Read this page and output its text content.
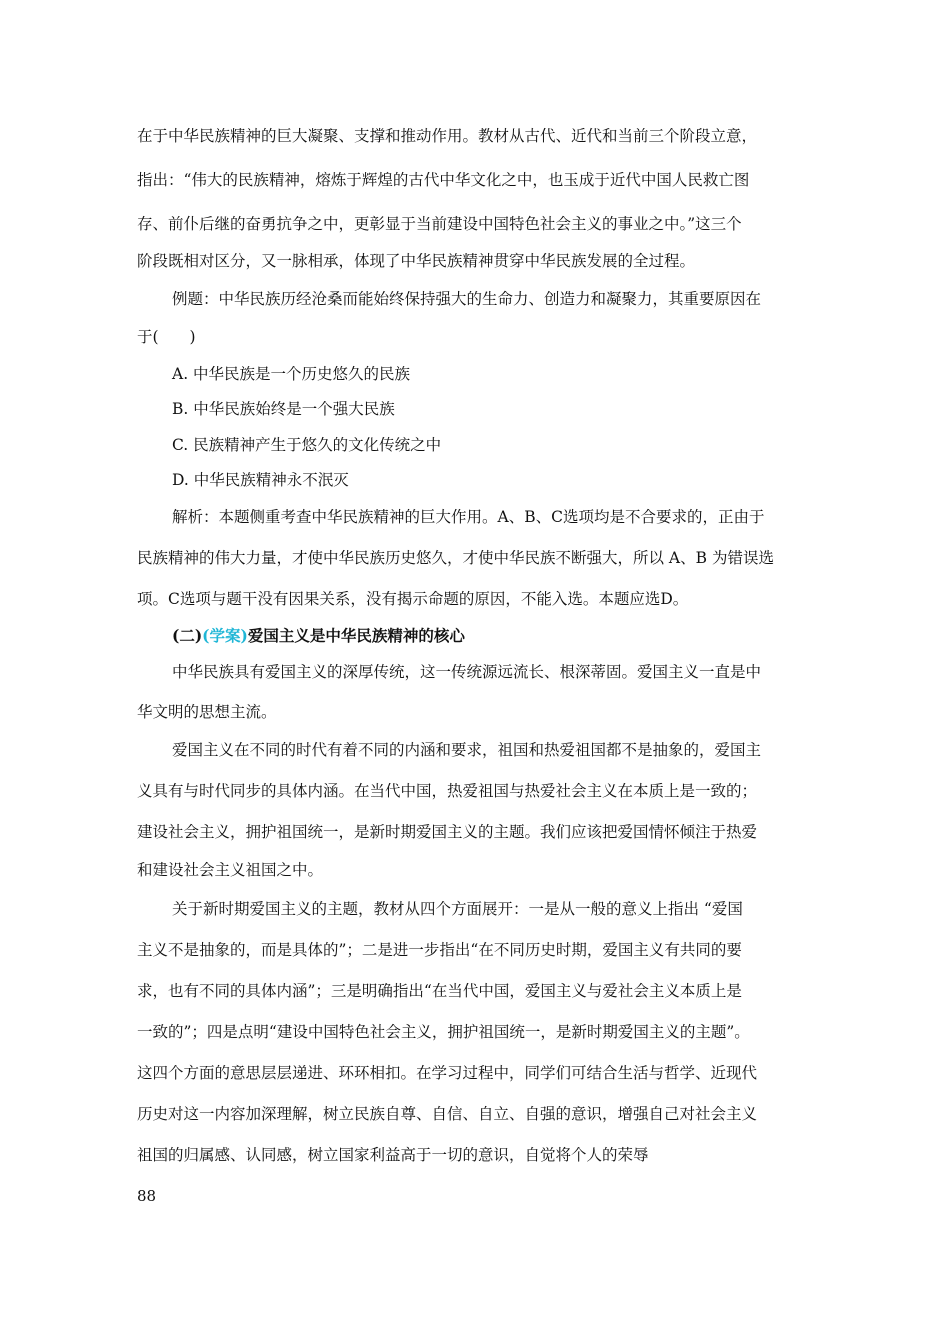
在于中华民族精神的巨大凝聚、支撑和推动作用。教材从古代、近代和当前三个阶段立意，
指出：“伟大的民族精神，熔炼于辉煌的古代中华文化之中，也玉成于近代中国人民救亡图
存、前仆后继的奋勇抗争之中，更彰显于当前建设中国特色社会主义的事业之中。”这三个
阶段既相对区分，又一脉相承，体现了中华民族精神贯穿中华民族发展的全过程。
例题：中华民族历经沧桑而能始终保持强大的生命力、创造力和凝聚力，其重要原因在
于(　　)
A. 中华民族是一个历史悠久的民族
B. 中华民族始终是一个强大民族
C. 民族精神产生于悠久的文化传统之中
D. 中华民族精神永不泯灭
解析：本题侧重考查中华民族精神的巨大作用。A、B、C选项均是不合要求的，正由于
民族精神的伟大力量，才使中华民族历史悠久，才使中华民族不断强大，所以 A、B 为错误选
项。C选项与题干没有因果关系，没有揭示命题的原因，不能入选。本题应选D。
(二)(学案)爱国主义是中华民族精神的核心
中华民族具有爱国主义的深厚传统，这一传统源远流长、根深蒂固。爱国主义一直是中
华文明的思想主流。
爱国主义在不同的时代有着不同的内涵和要求，祖国和热爱祖国都不是抽象的，爱国主
义具有与时代同步的具体内涵。在当代中国，热爱祖国与热爱社会主义在本质上是一致的；
建设社会主义，拥护祖国统一，是新时期爱国主义的主题。我们应该把爱国情怀倾注于热爱
和建设社会主义祖国之中。
关于新时期爱国主义的主题，教材从四个方面展开：一是从一般的意义上指出 “爱国
主义不是抽象的，而是具体的”；二是进一步指出“在不同历史时期，爱国主义有共同的要
求，也有不同的具体内涵”；三是明确指出“在当代中国，爱国主义与爱社会主义本质上是
一致的”；四是点明“建设中国特色社会主义，拥护祖国统一，是新时期爱国主义的主题”。
这四个方面的意思层层递进、环环相扣。在学习过程中，同学们可结合生活与哲学、近现代
历史对这一内容加深理解，树立民族自尊、自信、自立、自强的意识，增强自己对社会主义
祖国的归属感、认同感，树立国家利益高于一切的意识，自觉将个人的荣辱
88
